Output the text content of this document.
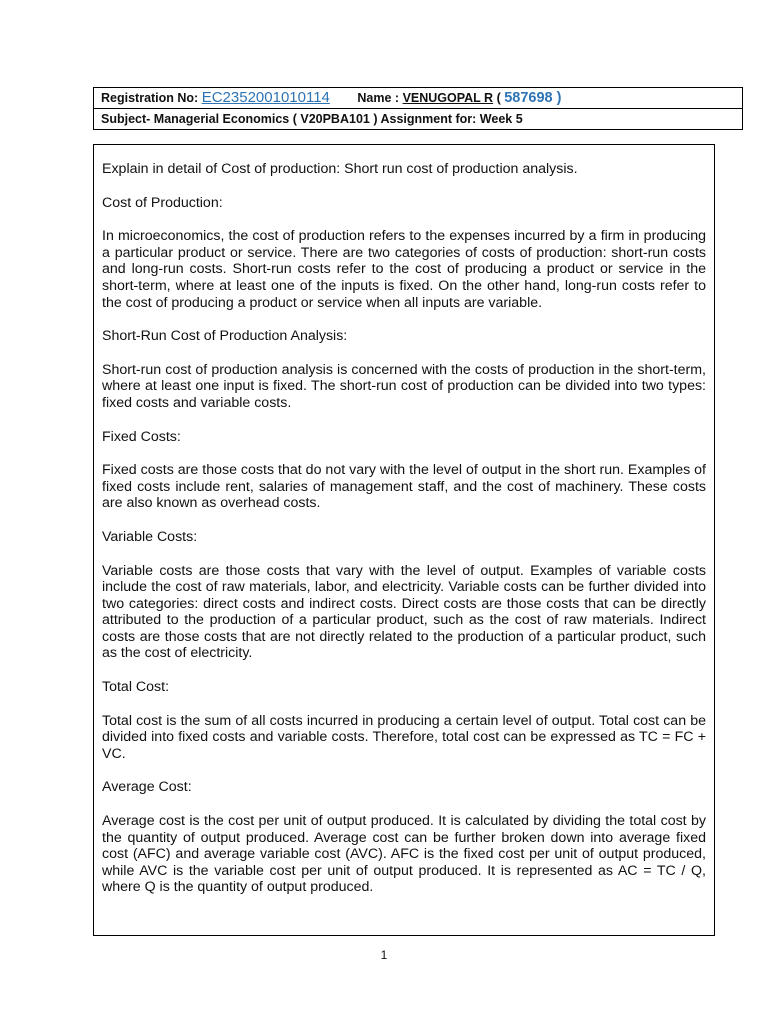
Registration No: EC2352001010114 Name : VENUGOPAL R ( 587698 )
Subject- Managerial Economics ( V20PBA101 ) Assignment for: Week 5

Explain in detail of Cost of production: Short run cost of production analysis.

Cost of Production:

In microeconomics, the cost of production refers to the expenses incurred by a firm in producing a particular product or service. There are two categories of costs of production: short-run costs and long-run costs. Short-run costs refer to the cost of producing a product or service in the short-term, where at least one of the inputs is fixed. On the other hand, long-run costs refer to the cost of producing a product or service when all inputs are variable.

Short-Run Cost of Production Analysis:

Short-run cost of production analysis is concerned with the costs of production in the short-term, where at least one input is fixed. The short-run cost of production can be divided into two types: fixed costs and variable costs.

Fixed Costs:

Fixed costs are those costs that do not vary with the level of output in the short run. Examples of fixed costs include rent, salaries of management staff, and the cost of machinery. These costs are also known as overhead costs.

Variable Costs:

Variable costs are those costs that vary with the level of output. Examples of variable costs include the cost of raw materials, labor, and electricity. Variable costs can be further divided into two categories: direct costs and indirect costs. Direct costs are those costs that can be directly attributed to the production of a particular product, such as the cost of raw materials. Indirect costs are those costs that are not directly related to the production of a particular product, such as the cost of electricity.

Total Cost:

Total cost is the sum of all costs incurred in producing a certain level of output. Total cost can be divided into fixed costs and variable costs. Therefore, total cost can be expressed as TC = FC + VC.

Average Cost:

Average cost is the cost per unit of output produced. It is calculated by dividing the total cost by the quantity of output produced. Average cost can be further broken down into average fixed cost (AFC) and average variable cost (AVC). AFC is the fixed cost per unit of output produced, while AVC is the variable cost per unit of output produced. It is represented as AC = TC / Q, where Q is the quantity of output produced.

1
